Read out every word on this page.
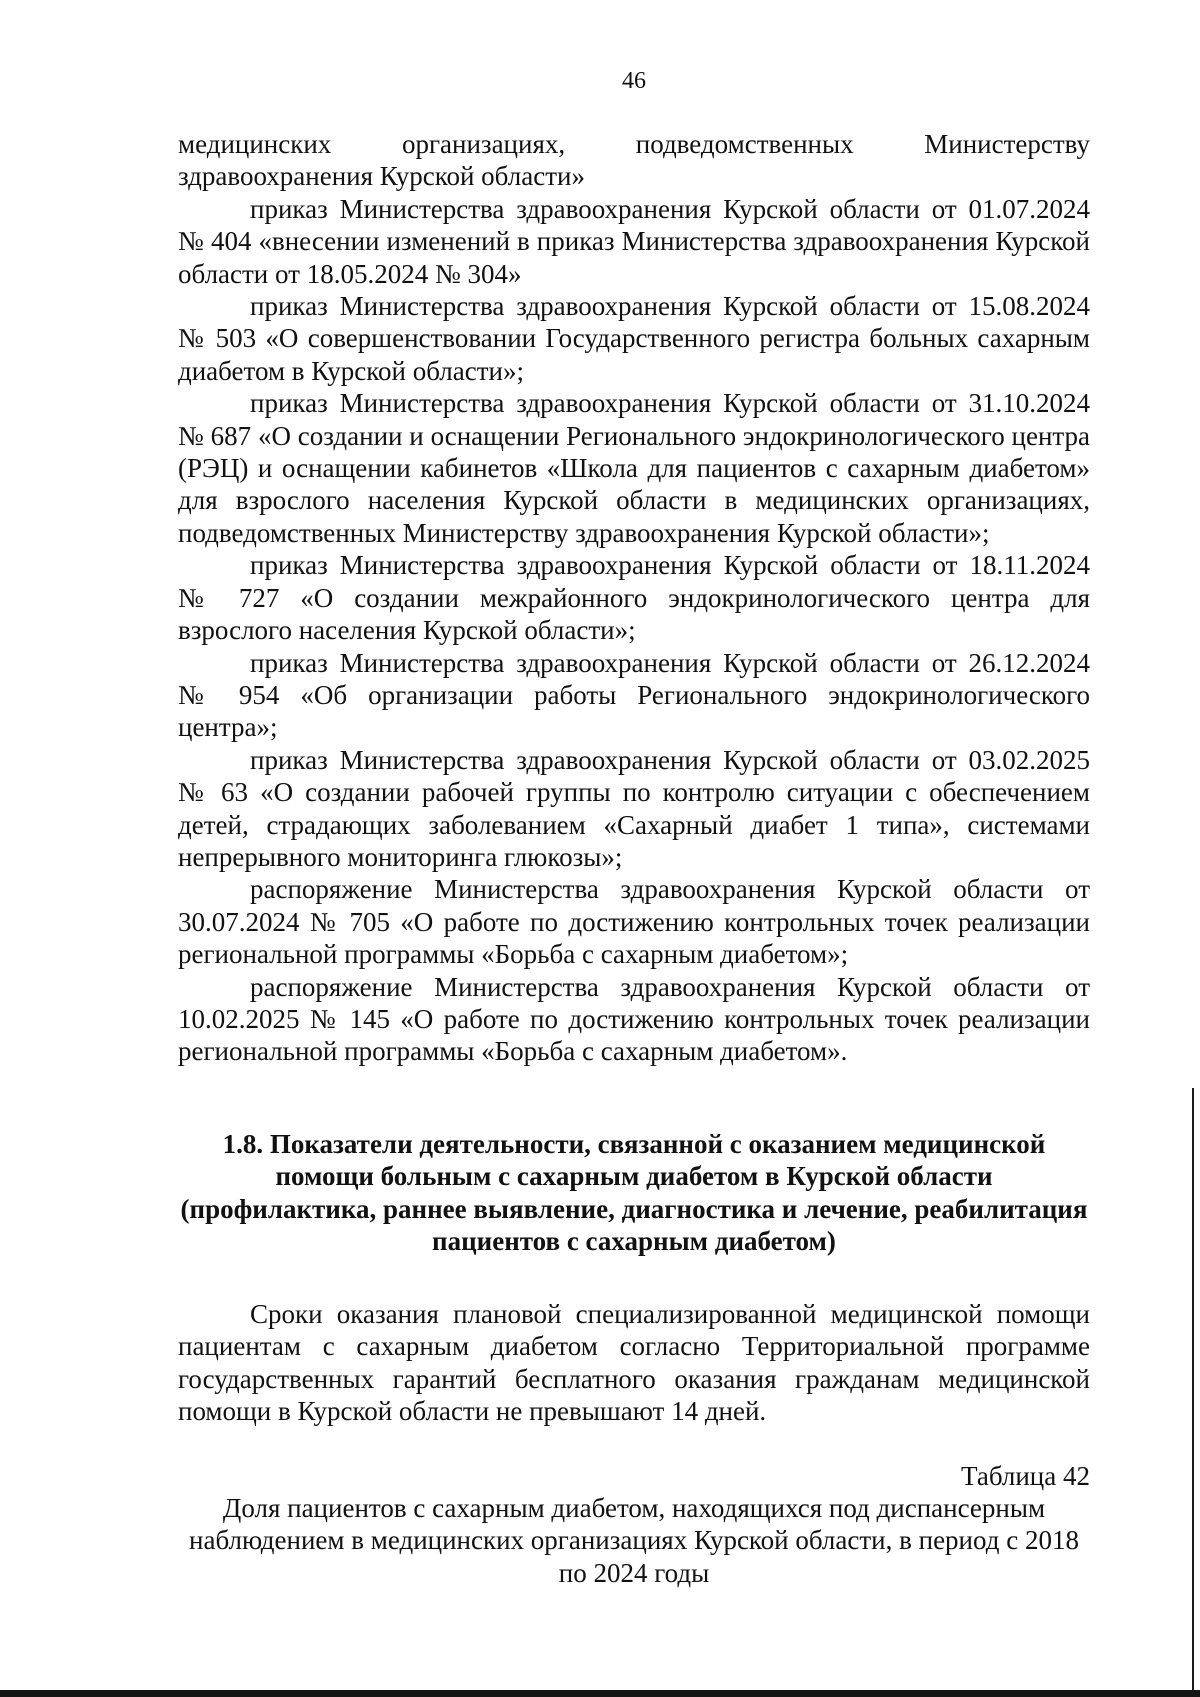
46

медицинских организациях, подведомственных Министерству здравоохранения Курской области»

приказ Министерства здравоохранения Курской области от 01.07.2024 № 404 «внесении изменений в приказ Министерства здравоохранения Курской области от 18.05.2024 № 304»

приказ Министерства здравоохранения Курской области от 15.08.2024 № 503 «О совершенствовании Государственного регистра больных сахарным диабетом в Курской области»;

приказ Министерства здравоохранения Курской области от 31.10.2024 № 687 «О создании и оснащении Регионального эндокринологического центра (РЭЦ) и оснащении кабинетов «Школа для пациентов с сахарным диабетом» для взрослого населения Курской области в медицинских организациях, подведомственных Министерству здравоохранения Курской области»;

приказ Министерства здравоохранения Курской области от 18.11.2024 № 727 «О создании межрайонного эндокринологического центра для взрослого населения Курской области»;

приказ Министерства здравоохранения Курской области от 26.12.2024 № 954 «Об организации работы Регионального эндокринологического центра»;

приказ Министерства здравоохранения Курской области от 03.02.2025 № 63 «О создании рабочей группы по контролю ситуации с обеспечением детей, страдающих заболеванием «Сахарный диабет 1 типа», системами непрерывного мониторинга глюкозы»;

распоряжение Министерства здравоохранения Курской области от 30.07.2024 № 705 «О работе по достижению контрольных точек реализации региональной программы «Борьба с сахарным диабетом»;

распоряжение Министерства здравоохранения Курской области от 10.02.2025 № 145 «О работе по достижению контрольных точек реализации региональной программы «Борьба с сахарным диабетом».

1.8. Показатели деятельности, связанной с оказанием медицинской помощи больным с сахарным диабетом в Курской области (профилактика, раннее выявление, диагностика и лечение, реабилитация пациентов с сахарным диабетом)

Сроки оказания плановой специализированной медицинской помощи пациентам с сахарным диабетом согласно Территориальной программе государственных гарантий бесплатного оказания гражданам медицинской помощи в Курской области не превышают 14 дней.

Таблица 42

Доля пациентов с сахарным диабетом, находящихся под диспансерным наблюдением в медицинских организациях Курской области, в период с 2018 по 2024 годы
